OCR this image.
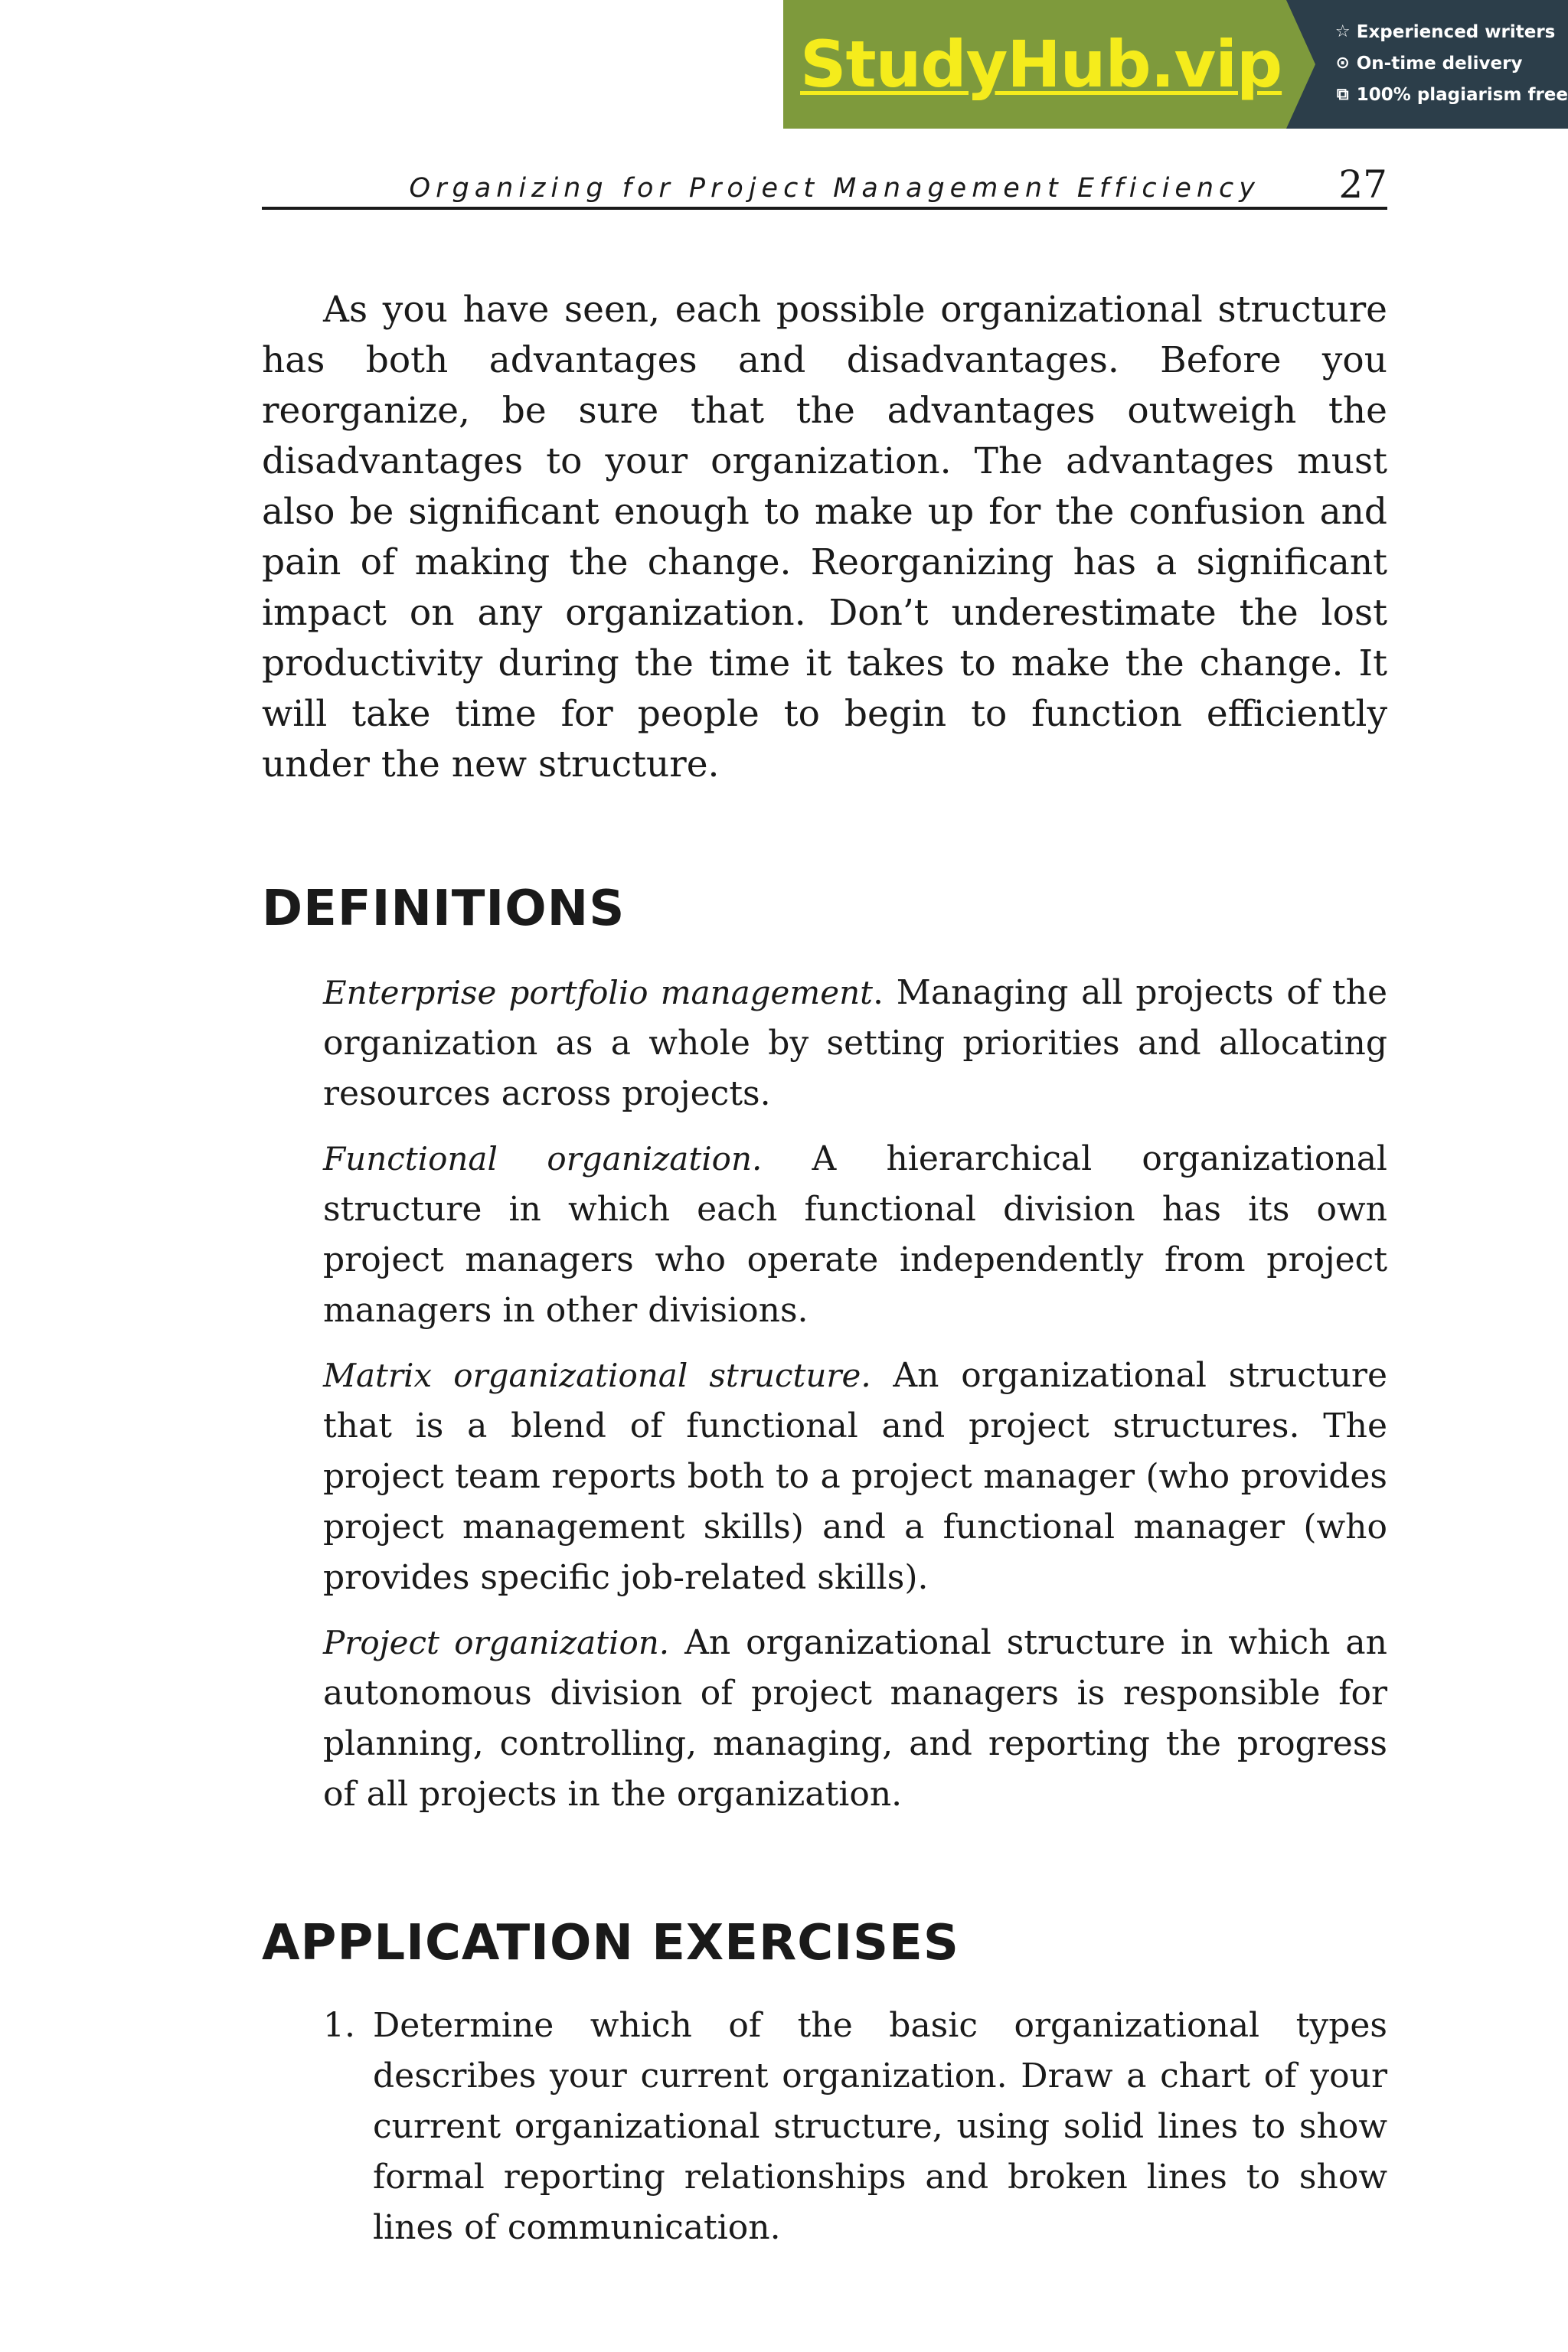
StudyHub.vip	☆ Experienced writers
⊙ On-time delivery
⧉ 100% plagiarism free
Organizing for Project Management Efficiency 27

As you have seen, each possible organizational structure has both advantages and disadvantages. Before you reorganize, be sure that the advantages outweigh the disadvantages to your organization. The advantages must also be significant enough to make up for the confusion and pain of making the change. Reorganizing has a significant impact on any organization. Don’t underestimate the lost productivity during the time it takes to make the change. It will take time for people to begin to function efficiently under the new structure.

DEFINITIONS
Enterprise portfolio management. Managing all projects of the organization as a whole by setting priorities and allocating resources across projects.
Functional organization. A hierarchical organizational structure in which each functional division has its own project managers who operate independently from project managers in other divisions.
Matrix organizational structure. An organizational structure that is a blend of functional and project structures. The project team reports both to a project manager (who provides project management skills) and a functional manager (who provides specific job-related skills).
Project organization. An organizational structure in which an autonomous division of project managers is responsible for planning, controlling, managing, and reporting the progress of all projects in the organization.
APPLICATION EXERCISES
1. Determine which of the basic organizational types describes your current organization. Draw a chart of your current organizational structure, using solid lines to show formal reporting relationships and broken lines to show lines of communication.
